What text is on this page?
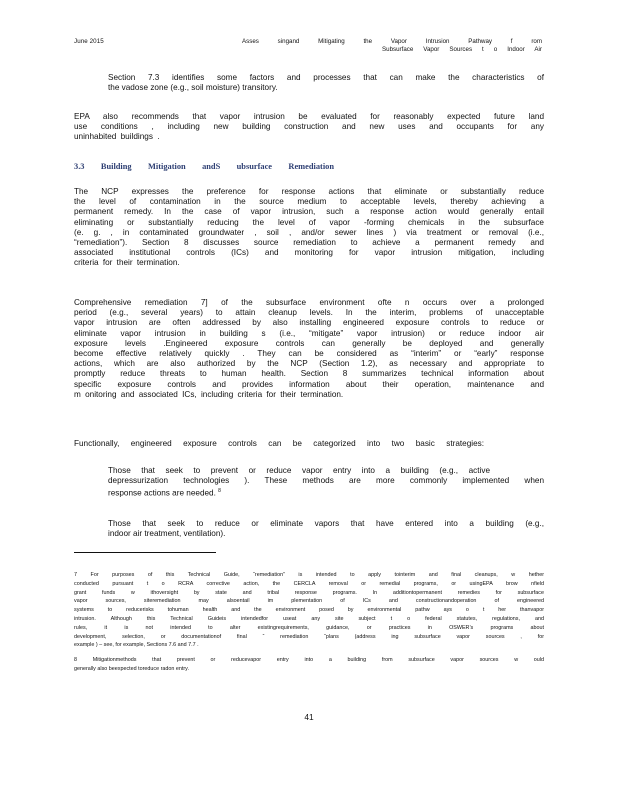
June 2015	Asses singand Mitigating the Vapor Intrusion Pathway f rom
Subsurface Vapor Sources t o Indoor Air
Section 7.3 identifies some factors and processes that can make the characteristics of
the vadose zone (e.g., soil moisture) transitory.
EPA also recommends that vapor intrusion be evaluated for reasonably expected future land
use conditions , including new building construction and new uses and occupants for any
uninhabited buildings .
3.3 Building Mitigation andS ubsurface Remediation
The NCP expresses the preference for response actions that eliminate or substantially reduce
the level of contamination in the source medium to acceptable levels, thereby achieving a
permanent remedy. In the case of vapor intrusion, such a response action would generally entail
eliminating or substantially reducing the level of vapor -forming chemicals in the subsurface
(e. g. , in contaminated groundwater , soil , and/or sewer lines ) via treatment or removal (i.e.,
“remediation”). Section 8 discusses source remediation to achieve a permanent remedy and
associated institutional controls (ICs) and monitoring for vapor intrusion mitigation, including
criteria for their termination.
Comprehensive remediation 7] of the subsurface environment ofte n occurs over a prolonged
period (e.g., several years) to attain cleanup levels. In the interim, problems of unacceptable
vapor intrusion are often addressed by also installing engineered exposure controls to reduce or
eliminate vapor intrusion in building s (i.e., “mitigate” vapor intrusion) or reduce indoor air
exposure levels .Engineered exposure controls can generally be deployed and generally
become effective relatively quickly . They can be considered as “interim” or “early” response
actions, which are also authorized by the NCP (Section 1.2), as necessary and appropriate to
promptly reduce threats to human health. Section 8 summarizes technical information about
specific exposure controls and provides information about their operation, maintenance and
m onitoring and associated ICs, including criteria for their termination.
Functionally, engineered exposure controls can be categorized into two basic strategies:
Those that seek to prevent or reduce vapor entry into a building (e.g., active
depressurization technologies ). These methods are more commonly implemented when
response actions are needed. $^8$
Those that seek to reduce or eliminate vapors that have entered into a building (e.g.,
indoor air treatment, ventilation).
7 For purposes of this Technical Guide, “remediation” is intended to apply tointerim and final cleanups, w hether
conducted pursuant t o RCRA corrective action, the CERCLA removal or remedial programs, or usingEPA brow nfield
grant funds w ithoversight by state and tribal response programs. In additiontopermanent remedies for subsurface
vapor sources, siteremediation may alsoentail im plementation of ICs and constructionandoperation of engineered
systems to reducerisks tohuman health and the environment posed by environmental pathw ays o t her thanvapor
intrusion. Although this Technical Guideis intendedfor useat any site subject t o federal statutes, regulations, and
rules, it is not intended to alter existingrequirements, guidance, or practices in OSWER’s programs about
development, selection, or documentationof final “ remediation “plans (address ing subsurface vapor sources , for
example ) – see, for example, Sections 7.6 and 7.7 .
8 Mitigationmethods that prevent or reducevapor entry into a building from subsurface vapor sources w ould
generally also beexpected toreduce radon entry.
41
